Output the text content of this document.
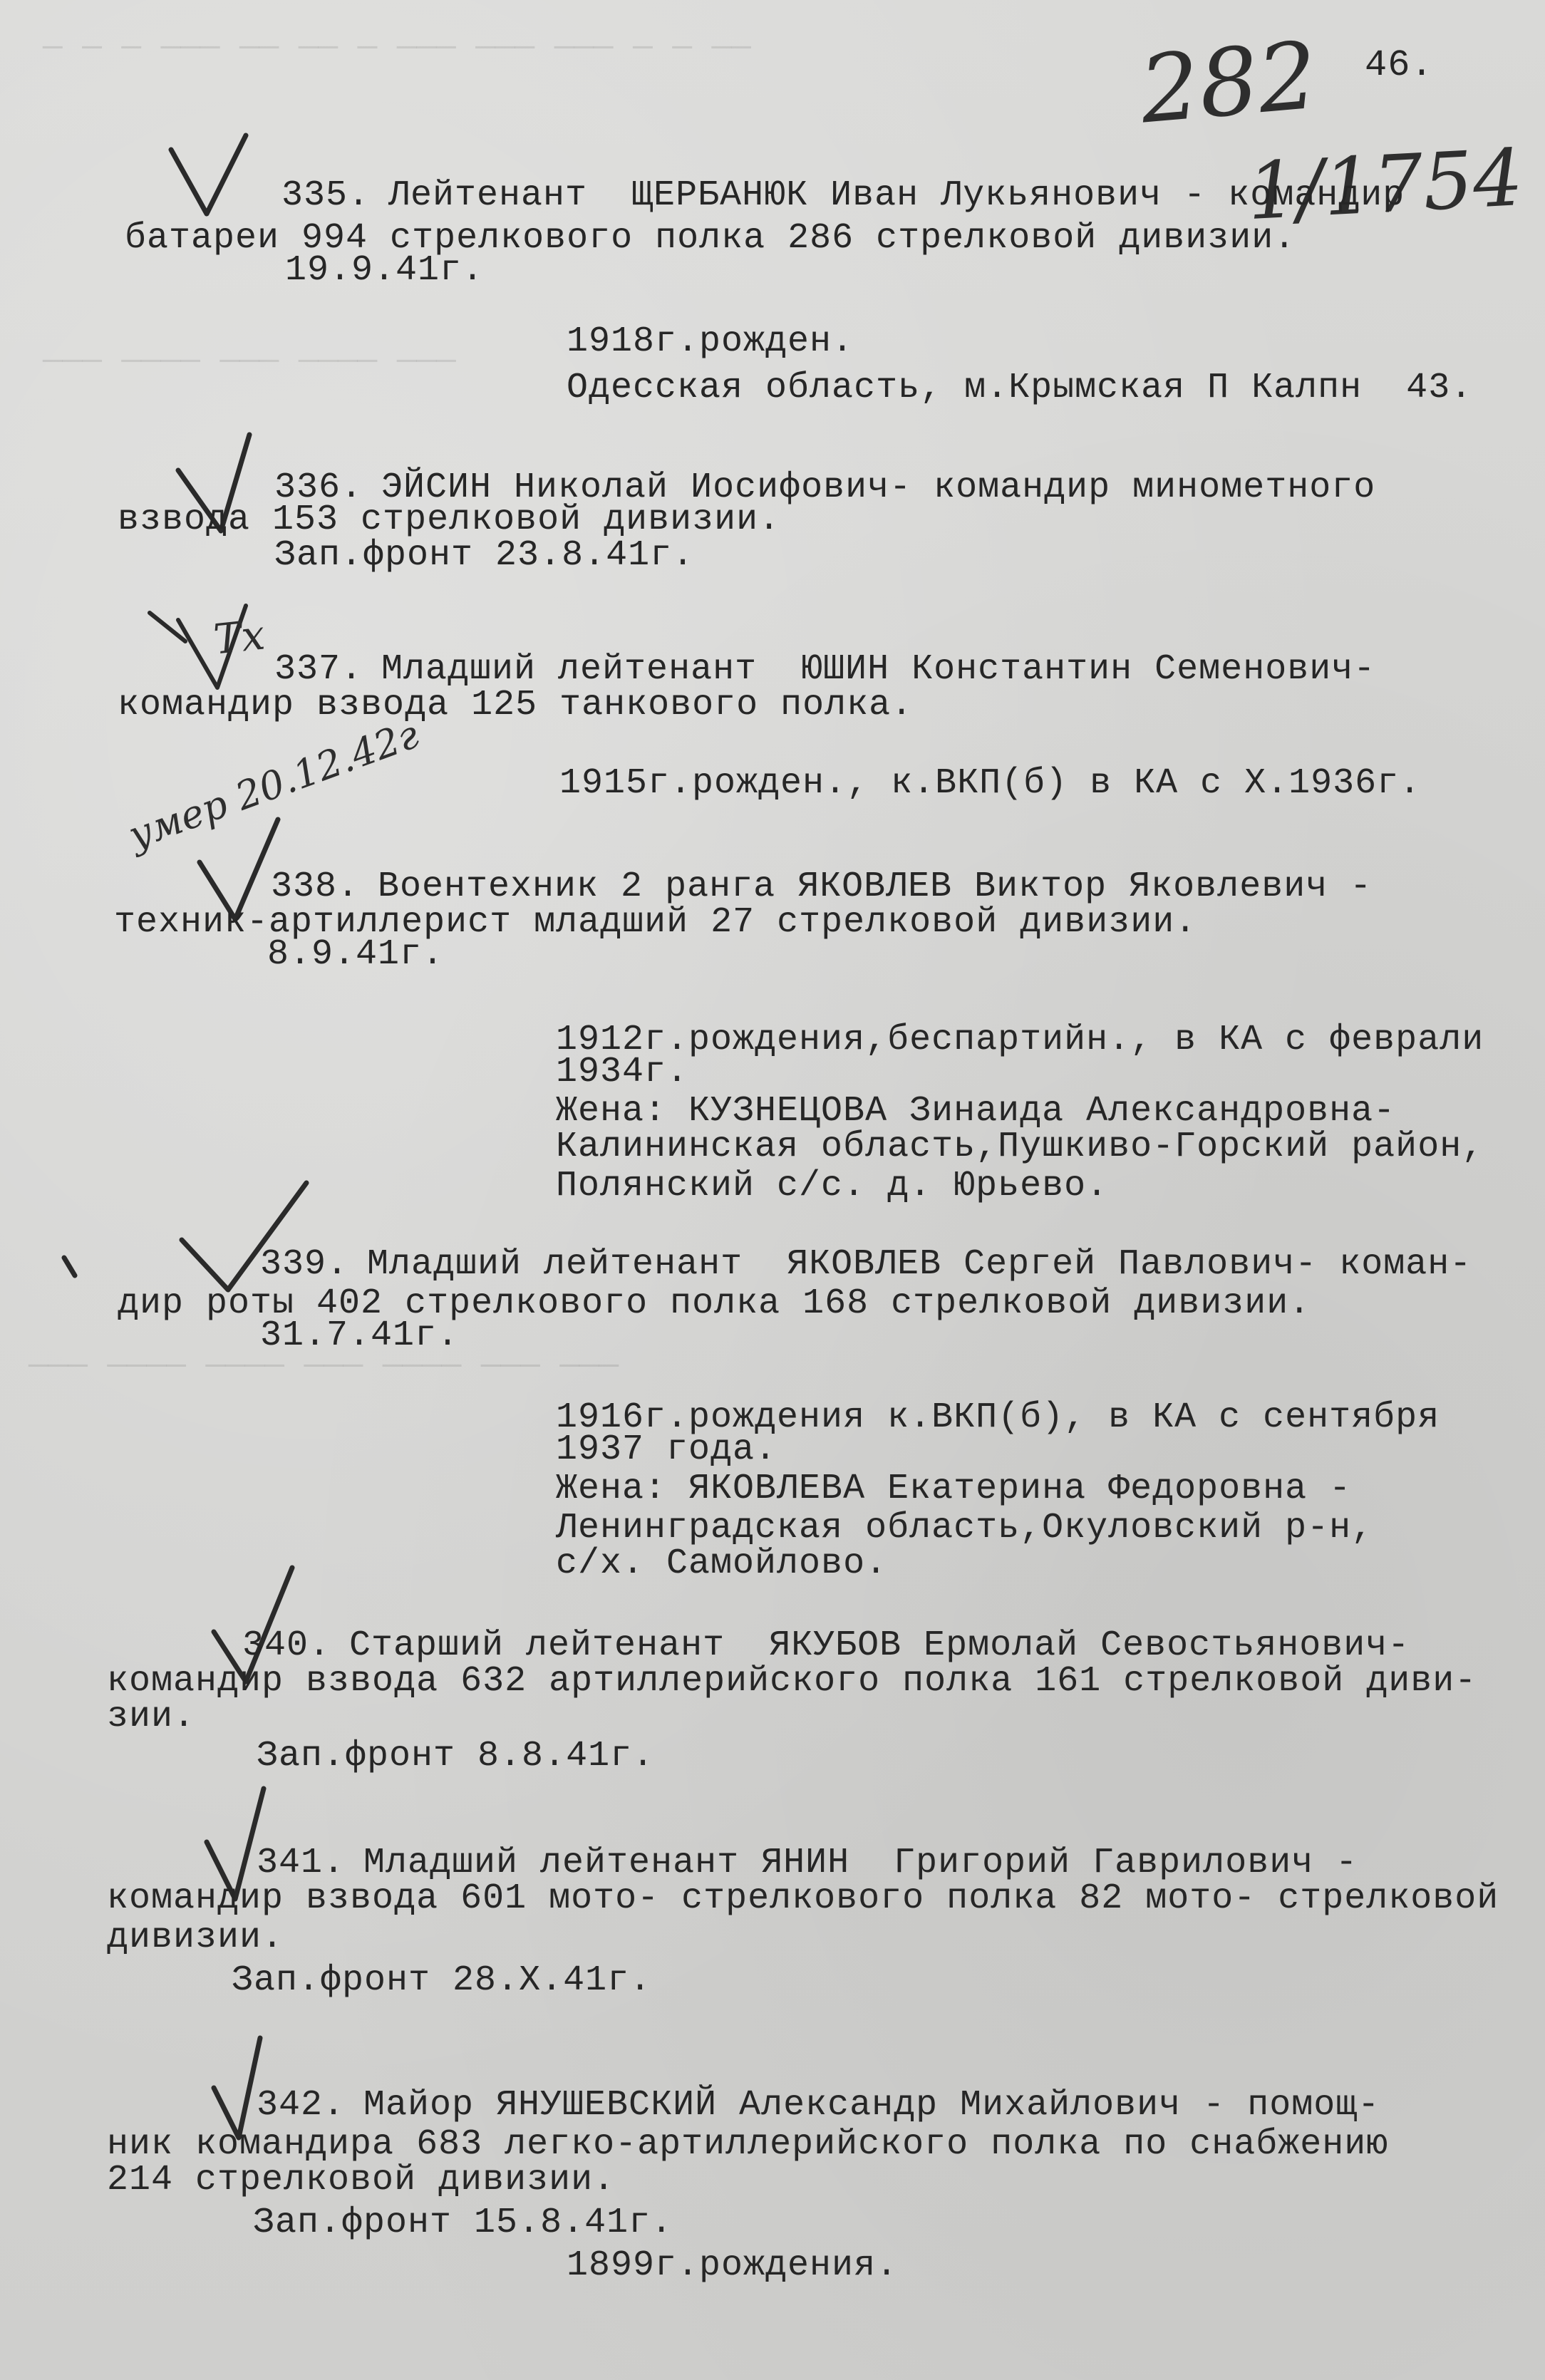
— — — ——— —— —— — ——— ——— ——— — — ——
——— ———— ——— ———— ———
——— ———— ———— ——— ———— ——— ———
282
1/1754
46.
Tx
умер 20.12.42г
335. Лейтенант  ЩЕРБАНЮК Иван Лукьянович - командир
батареи 994 стрелкового полка 286 стрелковой дивизии.
19.9.41г.
1918г.рожден.
Одесская область, м.Крымская П Калпн  43.
336. ЭЙСИН Николай Иосифович- командир минометного
взвода 153 стрелковой дивизии.
Зап.фронт 23.8.41г.
337. Младший лейтенант  ЮШИН Константин Семенович-
командир взвода 125 танкового полка.
1915г.рожден., к.ВКП(б) в КА с Х.1936г.
338. Воентехник 2 ранга ЯКОВЛЕВ Виктор Яковлевич -
техник-артиллерист младший 27 стрелковой дивизии.
8.9.41г.
1912г.рождения,беспартийн., в КА с феврали
1934г.
Жена: КУЗНЕЦОВА Зинаида Александровна-
Калининская область,Пушкиво-Горский район,
Полянский с/с. д. Юрьево.
339. Младший лейтенант  ЯКОВЛЕВ Сергей Павлович- коман-
дир роты 402 стрелкового полка 168 стрелковой дивизии.
31.7.41г.
1916г.рождения к.ВКП(б), в КА с сентября
1937 года.
Жена: ЯКОВЛЕВА Екатерина Федоровна -
Ленинградская область,Окуловский р-н,
с/х. Самойлово.
340. Старший лейтенант  ЯКУБОВ Ермолай Севостьянович-
командир взвода 632 артиллерийского полка 161 стрелковой диви-
зии.
Зап.фронт 8.8.41г.
341. Младший лейтенант ЯНИН  Григорий Гаврилович -
командир взвода 601 мото- стрелкового полка 82 мото- стрелковой
дивизии.
Зап.фронт 28.X.41г.
342. Майор ЯНУШЕВСКИЙ Александр Михайлович - помощ-
ник командира 683 легко-артиллерийского полка по снабжению
214 стрелковой дивизии.
Зап.фронт 15.8.41г.
1899г.рождения.
